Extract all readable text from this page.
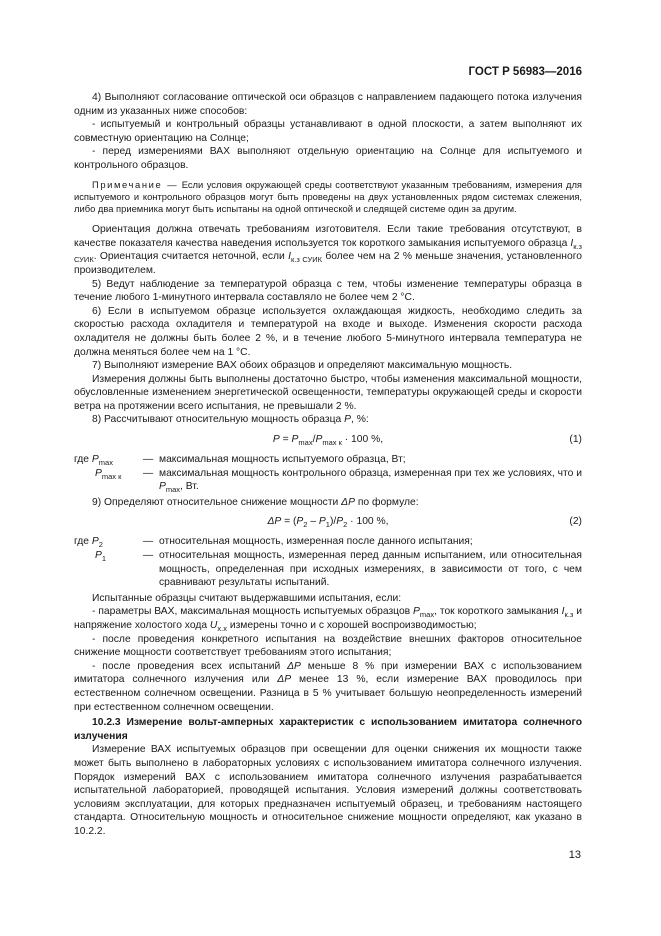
ГОСТ Р 56983—2016

4) Выполняют согласование оптической оси образцов с направлением падающего потока излучения одним из указанных ниже способов:

- испытуемый и контрольный образцы устанавливают в одной плоскости, а затем выполняют их совместную ориентацию на Солнце;

- перед измерениями ВАХ выполняют отдельную ориентацию на Солнце для испытуемого и контрольного образцов.

Примечание — Если условия окружающей среды соответствуют указанным требованиям, измерения для испытуемого и контрольного образцов могут быть проведены на двух установленных рядом системах слежения, либо два приемника могут быть испытаны на одной оптической и следящей системе один за другим.

Ориентация должна отвечать требованиям изготовителя. Если такие требования отсутствуют, в качестве показателя качества наведения используется ток короткого замыкания испытуемого образца $I_{к.з СУИК}$. Ориентация считается неточной, если $I_{к.з СУИК}$ более чем на 2 % меньше значения, установленного производителем.

5) Ведут наблюдение за температурой образца с тем, чтобы изменение температуры образца в течение любого 1-минутного интервала составляло не более чем 2 °С.

6) Если в испытуемом образце используется охлаждающая жидкость, необходимо следить за скоростью расхода охладителя и температурой на входе и выходе. Изменения скорости расхода охладителя не должны быть более 2 %, и в течение любого 5-минутного интервала температура не должна меняться более чем на 1 °С.

7) Выполняют измерение ВАХ обоих образцов и определяют максимальную мощность.

Измерения должны быть выполнены достаточно быстро, чтобы изменения максимальной мощности, обусловленные изменением энергетической освещенности, температуры окружающей среды и скорости ветра на протяжении всего испытания, не превышали 2 %.

8) Рассчитывают относительную мощность образца P, %:

$P = P_{max}/P_{max к} \cdot 100$ %,	(1)
где $P_{max}$	—	максимальная мощность испытуемого образца, Вт;
$P_{max к}$	—	максимальная мощность контрольного образца, измеренная при тех же условиях, что и $P_{max}$, Вт.

9) Определяют относительное снижение мощности ΔP по формуле:

$\Delta P = (P_2 - P_1)/P_2 \cdot 100$ %,	(2)
где $P_2$	—	относительная мощность, измеренная после данного испытания;
$P_1$	—	относительная мощность, измеренная перед данным испытанием, или относительная мощность, определенная при исходных измерениях, в зависимости от того, с чем сравнивают результаты испытаний.

Испытанные образцы считают выдержавшими испытания, если:

- параметры ВАХ, максимальная мощность испытуемых образцов $P_{max}$, ток короткого замыкания $I_{к.з}$ и напряжение холостого хода $U_{х.х}$ измерены точно и с хорошей воспроизводимостью;

- после проведения конкретного испытания на воздействие внешних факторов относительное снижение мощности соответствует требованиям этого испытания;

- после проведения всех испытаний ΔP меньше 8 % при измерении ВАХ с использованием имитатора солнечного излучения или ΔP менее 13 %, если измерение ВАХ проводилось при естественном солнечном освещении. Разница в 5 % учитывает большую неопределенность измерений при естественном солнечном освещении.

10.2.3 Измерение вольт-амперных характеристик с использованием имитатора солнечного излучения

Измерение ВАХ испытуемых образцов при освещении для оценки снижения их мощности также может быть выполнено в лабораторных условиях с использованием имитатора солнечного излучения. Порядок измерений ВАХ с использованием имитатора солнечного излучения разрабатывается испытательной лабораторией, проводящей испытания. Условия измерений должны соответствовать условиям эксплуатации, для которых предназначен испытуемый образец, и требованиям настоящего стандарта. Относительную мощность и относительное снижение мощности определяют, как указано в 10.2.2.

13
